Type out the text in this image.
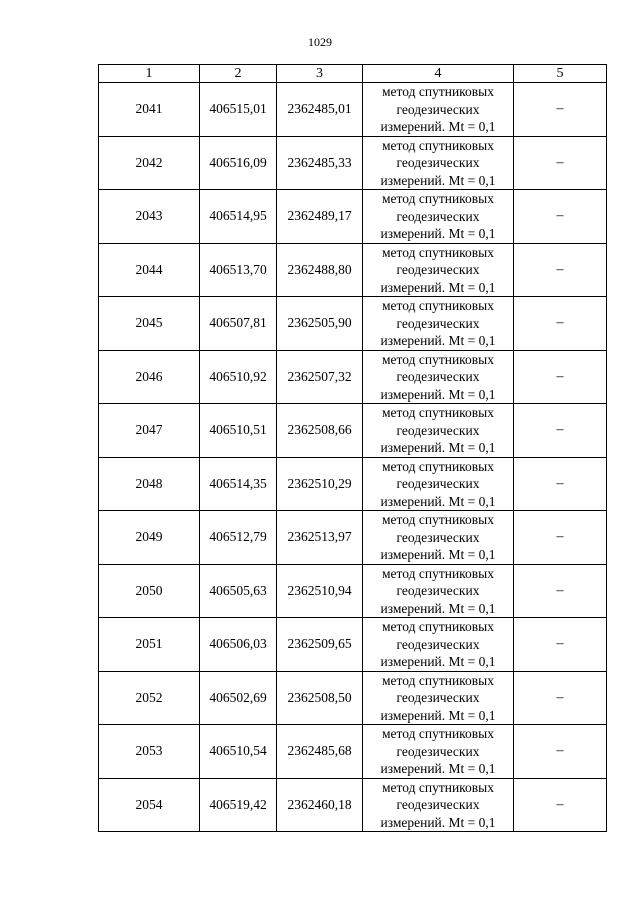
1029
1	2	3	4	5
2041	406515,01	2362485,01	метод спутниковых
геодезических
измерений. Mt = 0,1	–
2042	406516,09	2362485,33	метод спутниковых
геодезических
измерений. Mt = 0,1	–
2043	406514,95	2362489,17	метод спутниковых
геодезических
измерений. Mt = 0,1	–
2044	406513,70	2362488,80	метод спутниковых
геодезических
измерений. Mt = 0,1	–
2045	406507,81	2362505,90	метод спутниковых
геодезических
измерений. Mt = 0,1	–
2046	406510,92	2362507,32	метод спутниковых
геодезических
измерений. Mt = 0,1	–
2047	406510,51	2362508,66	метод спутниковых
геодезических
измерений. Mt = 0,1	–
2048	406514,35	2362510,29	метод спутниковых
геодезических
измерений. Mt = 0,1	–
2049	406512,79	2362513,97	метод спутниковых
геодезических
измерений. Mt = 0,1	–
2050	406505,63	2362510,94	метод спутниковых
геодезических
измерений. Mt = 0,1	–
2051	406506,03	2362509,65	метод спутниковых
геодезических
измерений. Mt = 0,1	–
2052	406502,69	2362508,50	метод спутниковых
геодезических
измерений. Mt = 0,1	–
2053	406510,54	2362485,68	метод спутниковых
геодезических
измерений. Mt = 0,1	–
2054	406519,42	2362460,18	метод спутниковых
геодезических
измерений. Mt = 0,1	–
